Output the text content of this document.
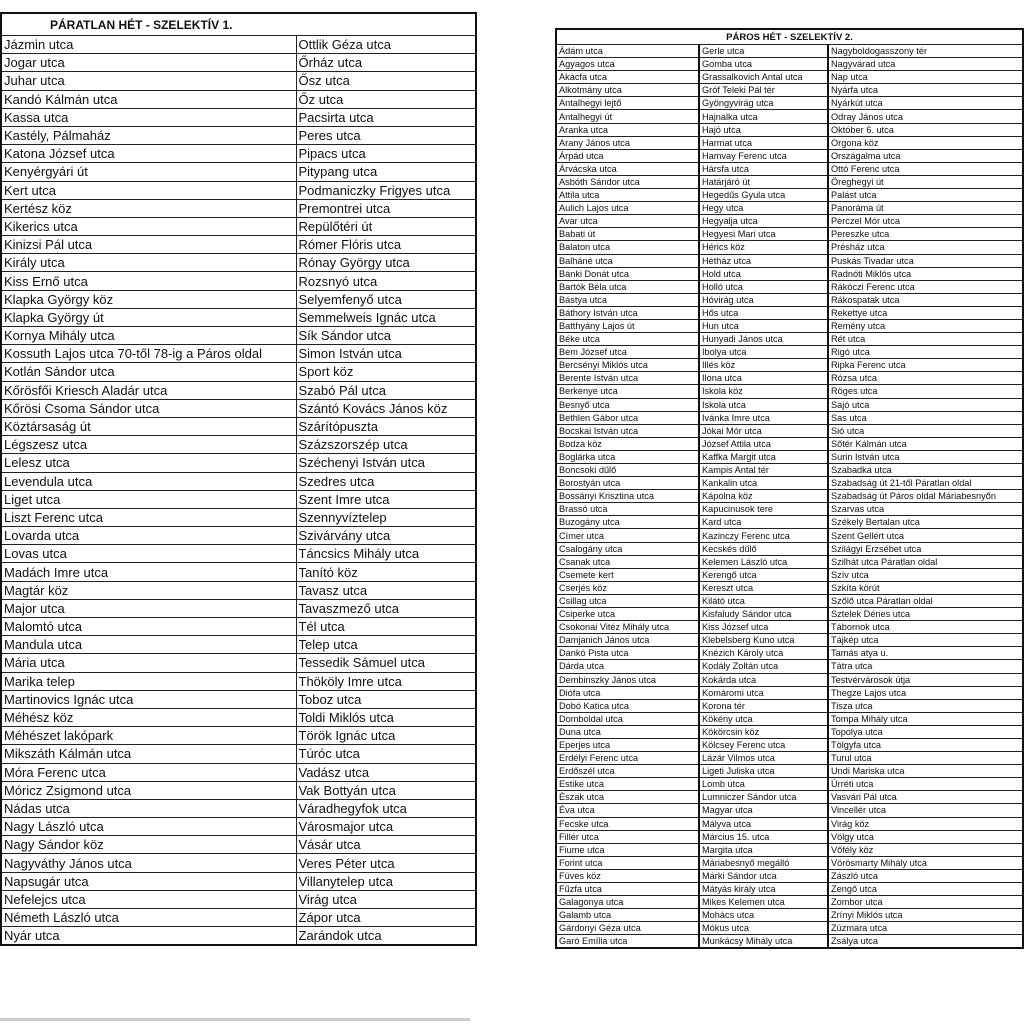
PÁRATLAN HÉT - SZELEKTÍV 1.	

Jázmin utca	Ottlik Géza utca
Jogar utca	Őrház utca
Juhar utca	Ősz utca
Kandó Kálmán utca	Őz utca
Kassa utca	Pacsirta utca
Kastély, Pálmaház	Peres utca
Katona József utca	Pipacs utca
Kenyérgyári út	Pitypang utca
Kert utca	Podmaniczky Frigyes utca
Kertész köz	Premontrei utca
Kikerics utca	Repülőtéri út
Kinizsi Pál utca	Rómer Flóris utca
Király utca	Rónay György utca
Kiss Ernő utca	Rozsnyó utca
Klapka György köz	Selyemfenyő utca
Klapka György út	Semmelweis Ignác utca
Kornya Mihály utca	Sík Sándor utca
Kossuth Lajos utca 70-től 78-ig a Páros oldal	Simon István utca
Kotlán Sándor utca	Sport köz
Kőrösfői Kriesch Aladár utca	Szabó Pál utca
Kőrösi Csoma Sándor utca	Szántó Kovács János köz
Köztársaság út	Szárítópuszta
Légszesz utca	Százszorszép utca
Lelesz utca	Széchenyi István utca
Levendula utca	Szedres utca
Liget utca	Szent Imre utca
Liszt Ferenc utca	Szennyvíztelep
Lovarda utca	Szivárvány utca
Lovas utca	Táncsics Mihály utca
Madách Imre utca	Tanító köz
Magtár köz	Tavasz utca
Major utca	Tavaszmező utca
Malomtó utca	Tél utca
Mandula utca	Telep utca
Mária utca	Tessedik Sámuel utca
Marika telep	Thököly Imre utca
Martinovics Ignác utca	Toboz utca
Méhész köz	Toldi Miklós utca
Méhészet lakópark	Török Ignác utca
Mikszáth Kálmán utca	Túróc utca
Móra Ferenc utca	Vadász utca
Móricz Zsigmond utca	Vak Bottyán utca
Nádas utca	Váradhegyfok utca
Nagy László utca	Városmajor utca
Nagy Sándor köz	Vásár utca
Nagyváthy János utca	Veres Péter utca
Napsugár utca	Villanytelep utca
Nefelejcs utca	Virág utca
Németh László utca	Zápor utca
Nyár utca	Zarándok utca
PÁROS HÉT - SZELEKTÍV 2.		
Ádám utca	Gerle utca	Nagyboldogasszony tér
Agyagos utca	Gomba utca	Nagyvárad utca
Akácfa utca	Grassalkovich Antal utca	Nap utca
Alkotmány utca	Gróf Teleki Pál tér	Nyárfa utca
Antalhegyi lejtő	Gyöngyvirág utca	Nyárkút utca
Antalhegyi út	Hajnalka utca	Odray János utca
Aranka utca	Hajó utca	Október 6. utca
Arany János utca	Harmat utca	Orgona köz
Árpád utca	Hamvay Ferenc utca	Országalma utca
Árvácska utca	Hársfa utca	Ottó Ferenc utca
Asbóth Sándor utca	Határjáró út	Öreghegyi út
Attila utca	Hegedűs Gyula utca	Palást utca
Aulich Lajos utca	Hegy utca	Panoráma út
Avar utca	Hegyalja utca	Perczel Mór utca
Babati út	Hegyesi Mari utca	Pereszke utca
Balaton utca	Hérics köz	Présház utca
Balháné utca	Hétház utca	Puskás Tivadar utca
Bánki Donát utca	Hold utca	Radnóti Miklós utca
Bartók Béla utca	Holló utca	Rákóczi Ferenc utca
Bástya utca	Hóvirág utca	Rákospatak utca
Báthory István utca	Hős utca	Rekettye utca
Batthyány Lajos út	Hun utca	Remény utca
Béke utca	Hunyadi János utca	Rét utca
Bem József utca	Ibolya utca	Rigó utca
Bercsényi Miklós utca	Illés köz	Ripka Ferenc utca
Berente István utca	Ilona utca	Rózsa utca
Berkenye utca	Iskola köz	Röges utca
Besnyő utca	Iskola utca	Sajó utca
Bethlen Gábor utca	Ivánka Imre utca	Sas utca
Bocskai István utca	Jókai Mór utca	Sió utca
Bodza köz	József Attila utca	Sőtér Kálmán utca
Boglárka utca	Kaffka Margit utca	Surin István utca
Boncsoki dűlő	Kampis Antal tér	Szabadka utca
Borostyán utca	Kankalin utca	Szabadság út 21-től Páratlan oldal
Bossányi Krisztina utca	Kápolna köz	Szabadság út Páros oldal Máriabesnyőn
Brassó utca	Kapucinusok tere	Szarvas utca
Buzogány utca	Kard utca	Székely Bertalan utca
Címer utca	Kazinczy Ferenc utca	Szent Gellért utca
Csalogány utca	Kecskés dűlő	Szilágyi Erzsébet utca
Csanak utca	Kelemen László utca	Szilhát utca Páratlan oldal
Csemete kert	Kerengő utca	Szív utca
Cserjés köz	Kereszt utca	Szkíta körút
Csillag utca	Kilátó utca	Szőlő utca Páratlan oldal
Csiperke utca	Kisfaludy Sándor utca	Sztelek Dénes utca
Csokonai Vitéz Mihály utca	Kiss József utca	Tábornok utca
Damjanich János utca	Klebelsberg Kuno utca	Tájkép utca
Dankó Pista utca	Knézich Károly utca	Tamás atya u.
Dárda utca	Kodály Zoltán utca	Tátra utca
Dembinszky János utca	Kokárda utca	Testvérvárosok útja
Diófa utca	Komáromi utca	Thegze Lajos utca
Dobó Katica utca	Korona tér	Tisza utca
Domboldal utca	Kökény utca	Tompa Mihály utca
Duna utca	Kökörcsin köz	Topolya utca
Eperjes utca	Kölcsey Ferenc utca	Tölgyfa utca
Erdélyi Ferenc utca	Lázár Vilmos utca	Turul utca
Erdőszél utca	Ligeti Juliska utca	Undi Mariska utca
Estike utca	Lomb utca	Úrréti utca
Észak utca	Lumniczer Sándor utca	Vasvári Pál utca
Éva utca	Magyar utca	Vincellér utca
Fecske utca	Mályva utca	Virág köz
Fillér utca	Március 15. utca	Völgy utca
Fiume utca	Margita utca	Vőfély köz
Forint utca	Máriabesnyő megálló	Vörösmarty Mihály utca
Füves köz	Márki Sándor utca	Zászló utca
Fűzfa utca	Mátyás király utca	Zengő utca
Galagonya utca	Mikes Kelemen utca	Zombor utca
Galamb utca	Mohács utca	Zrínyi Miklós utca
Gárdonyi Géza utca	Mókus utca	Zúzmara utca
Garó Emília utca	Munkácsy Mihály utca	Zsálya utca
